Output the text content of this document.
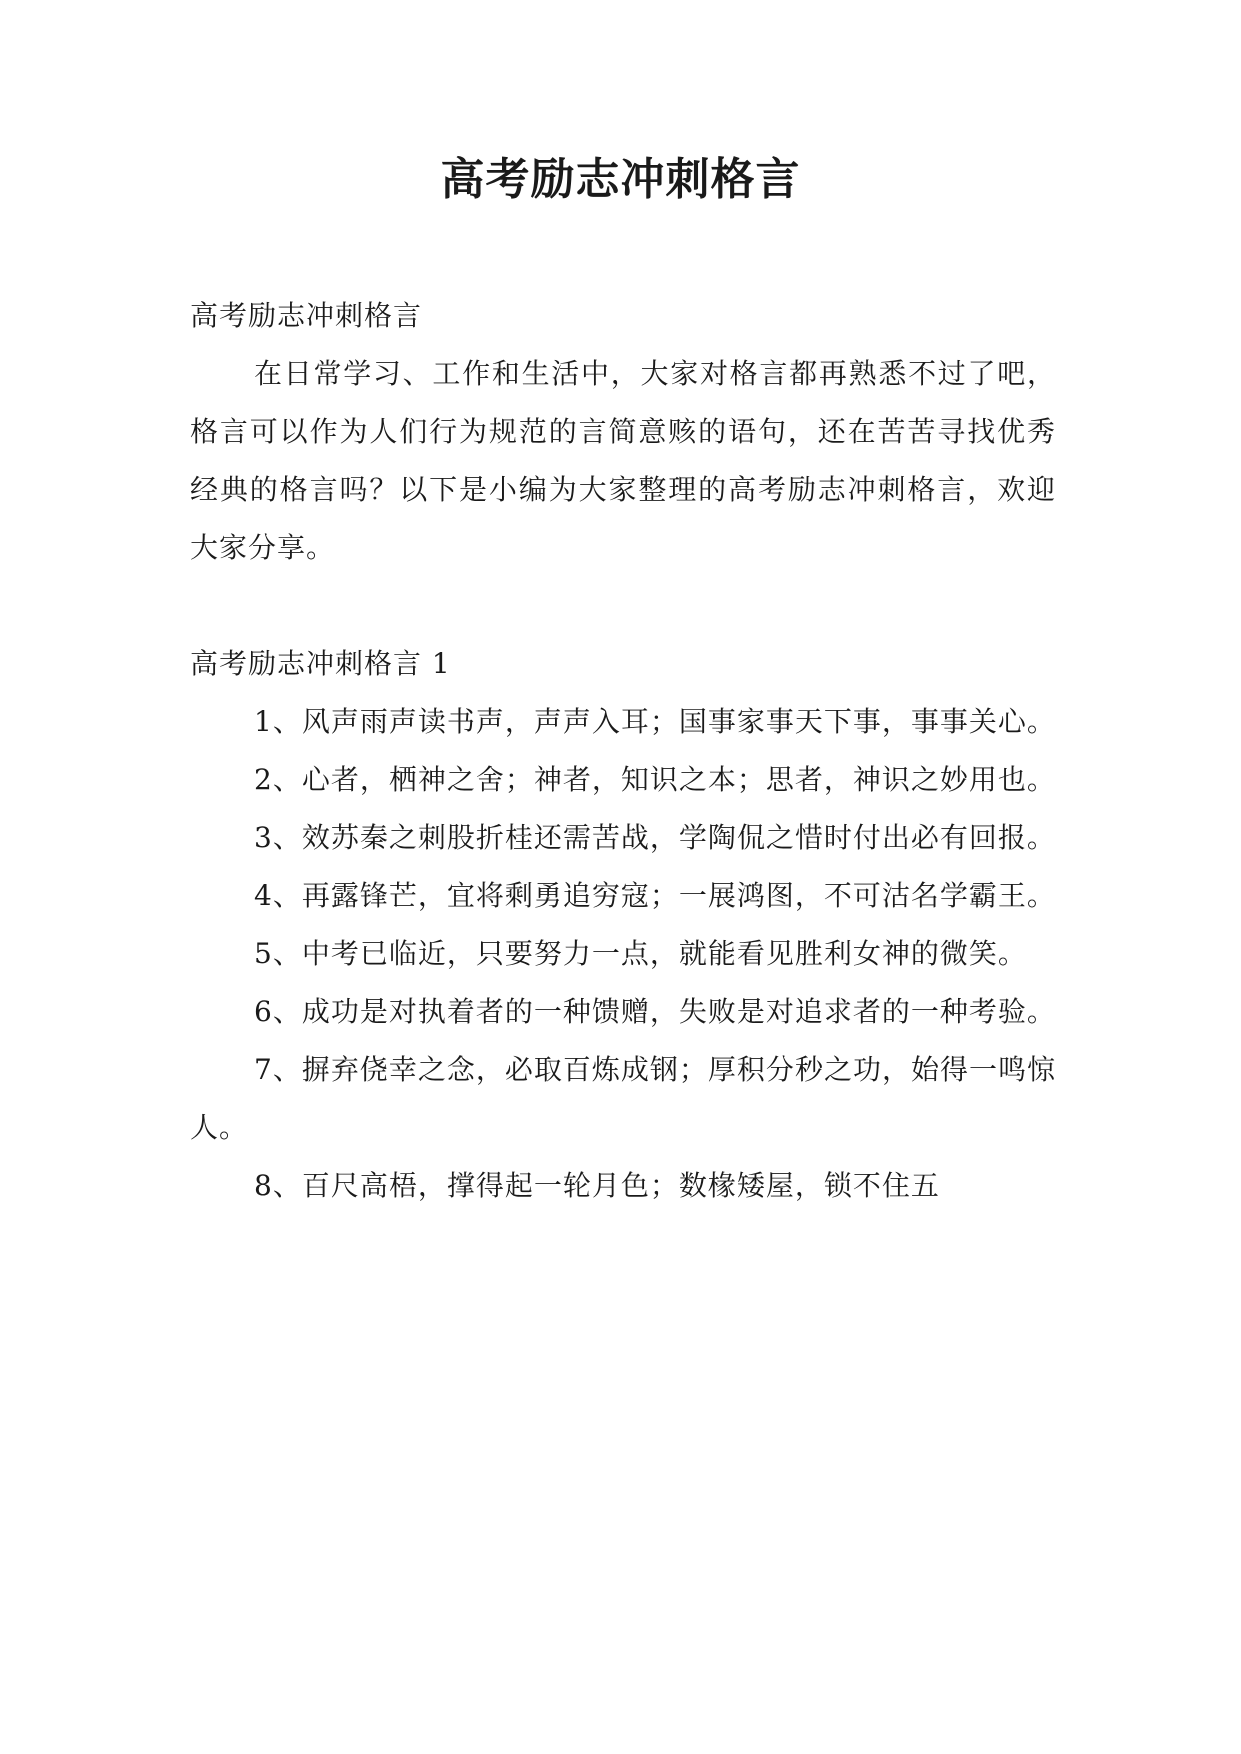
高考励志冲刺格言

高考励志冲刺格言

在日常学习、工作和生活中，大家对格言都再熟悉不过了吧，格言可以作为人们行为规范的言简意赅的语句，还在苦苦寻找优秀经典的格言吗？以下是小编为大家整理的高考励志冲刺格言，欢迎大家分享。

高考励志冲刺格言 1

1、风声雨声读书声，声声入耳；国事家事天下事，事事关心。

2、心者，栖神之舍；神者，知识之本；思者，神识之妙用也。

3、效苏秦之刺股折桂还需苦战，学陶侃之惜时付出必有回报。

4、再露锋芒，宜将剩勇追穷寇；一展鸿图，不可沽名学霸王。

5、中考已临近，只要努力一点，就能看见胜利女神的微笑。

6、成功是对执着者的一种馈赠，失败是对追求者的一种考验。

7、摒弃侥幸之念，必取百炼成钢；厚积分秒之功，始得一鸣惊人。

8、百尺高梧，撑得起一轮月色；数椽矮屋，锁不住五
